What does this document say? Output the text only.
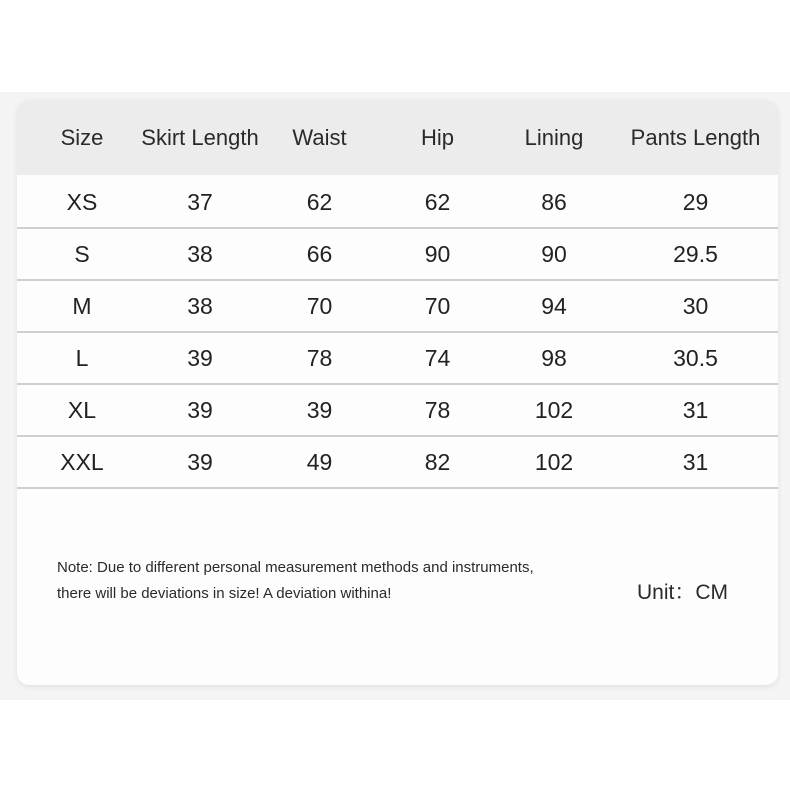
Size	Skirt Length	Waist	Hip	Lining	Pants Length
XS	37	62	62	86	29
S	38	66	90	90	29.5
M	38	70	70	94	30
L	39	78	74	98	30.5
XL	39	39	78	102	31
XXL	39	49	82	102	31
Note: Due to different personal measurement methods and instruments,
there will be deviations in size! A deviation withina!	Unit：CM
